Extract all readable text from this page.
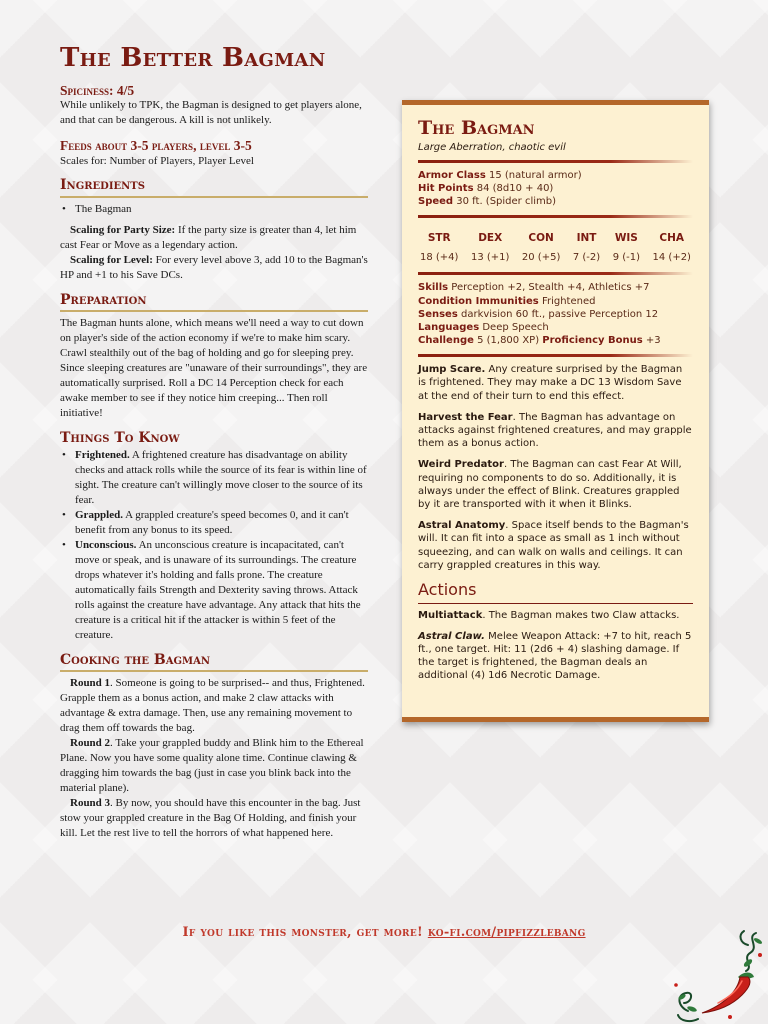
The Better Bagman
Spiciness: 4/5

While unlikely to TPK, the Bagman is designed to get players alone, and that can be dangerous. A kill is not unlikely.

Feeds about 3-5 players, level 3-5

Scales for: Number of Players, Player Level

Ingredients
• The Bagman

Scaling for Party Size: If the party size is greater than 4, let him cast Fear or Move as a legendary action.

Scaling for Level: For every level above 3, add 10 to the Bagman's HP and +1 to his Save DCs.

Preparation

The Bagman hunts alone, which means we'll need a way to cut down on player's side of the action economy if we're to make him scary. Crawl stealthily out of the bag of holding and go for sleeping prey. Since sleeping creatures are "unaware of their surroundings", they are automatically surprised. Roll a DC 14 Perception check for each awake member to see if they notice him creeping... Then roll initiative!

Things To Know
• Frightened. A frightened creature has disadvantage on ability checks and attack rolls while the source of its fear is within line of sight. The creature can't willingly move closer to the source of its fear.
• Grappled. A grappled creature's speed becomes 0, and it can't benefit from any bonus to its speed.
• Unconscious. An unconscious creature is incapacitated, can't move or speak, and is unaware of its surroundings. The creature drops whatever it's holding and falls prone. The creature automatically fails Strength and Dexterity saving throws. Attack rolls against the creature have advantage. Any attack that hits the creature is a critical hit if the attacker is within 5 feet of the creature.
Cooking the Bagman

Round 1. Someone is going to be surprised-- and thus, Frightened. Grapple them as a bonus action, and make 2 claw attacks with advantage & extra damage. Then, use any remaining movement to drag them off towards the bag.

Round 2. Take your grappled buddy and Blink him to the Ethereal Plane. Now you have some quality alone time. Continue clawing & dragging him towards the bag (just in case you blink back into the material plane).

Round 3. By now, you should have this encounter in the bag. Just stow your grappled creature in the Bag Of Holding, and finish your kill. Let the rest live to tell the horrors of what happened here.

The Bagman
Large Aberration, chaotic evil
Armor Class 15 (natural armor)
Hit Points 84 (8d10 + 40)
Speed 30 ft. (Spider climb)
STR
18 (+4)
DEX
13 (+1)
CON
20 (+5)
INT
7 (-2)
WIS
9 (-1)
CHA
14 (+2)
Skills Perception +2, Stealth +4, Athletics +7
Condition Immunities Frightened
Senses darkvision 60 ft., passive Perception 12
Languages Deep Speech
Challenge 5 (1,800 XP) Proficiency Bonus +3

Jump Scare. Any creature surprised by the Bagman is frightened. They may make a DC 13 Wisdom Save at the end of their turn to end this effect.

Harvest the Fear. The Bagman has advantage on attacks against frightened creatures, and may grapple them as a bonus action.

Weird Predator. The Bagman can cast Fear At Will, requiring no components to do so. Additionally, it is always under the effect of Blink. Creatures grappled by it are transported with it when it Blinks.

Astral Anatomy. Space itself bends to the Bagman's will. It can fit into a space as small as 1 inch without squeezing, and can walk on walls and ceilings. It can carry grappled creatures in this way.

Actions

Multiattack. The Bagman makes two Claw attacks.

Astral Claw. Melee Weapon Attack: +7 to hit, reach 5 ft., one target. Hit: 11 (2d6 + 4) slashing damage. If the target is frightened, the Bagman deals an additional (4) 1d6 Necrotic Damage.

If you like this monster, get more! ko-fi.com/pipfizzlebang
